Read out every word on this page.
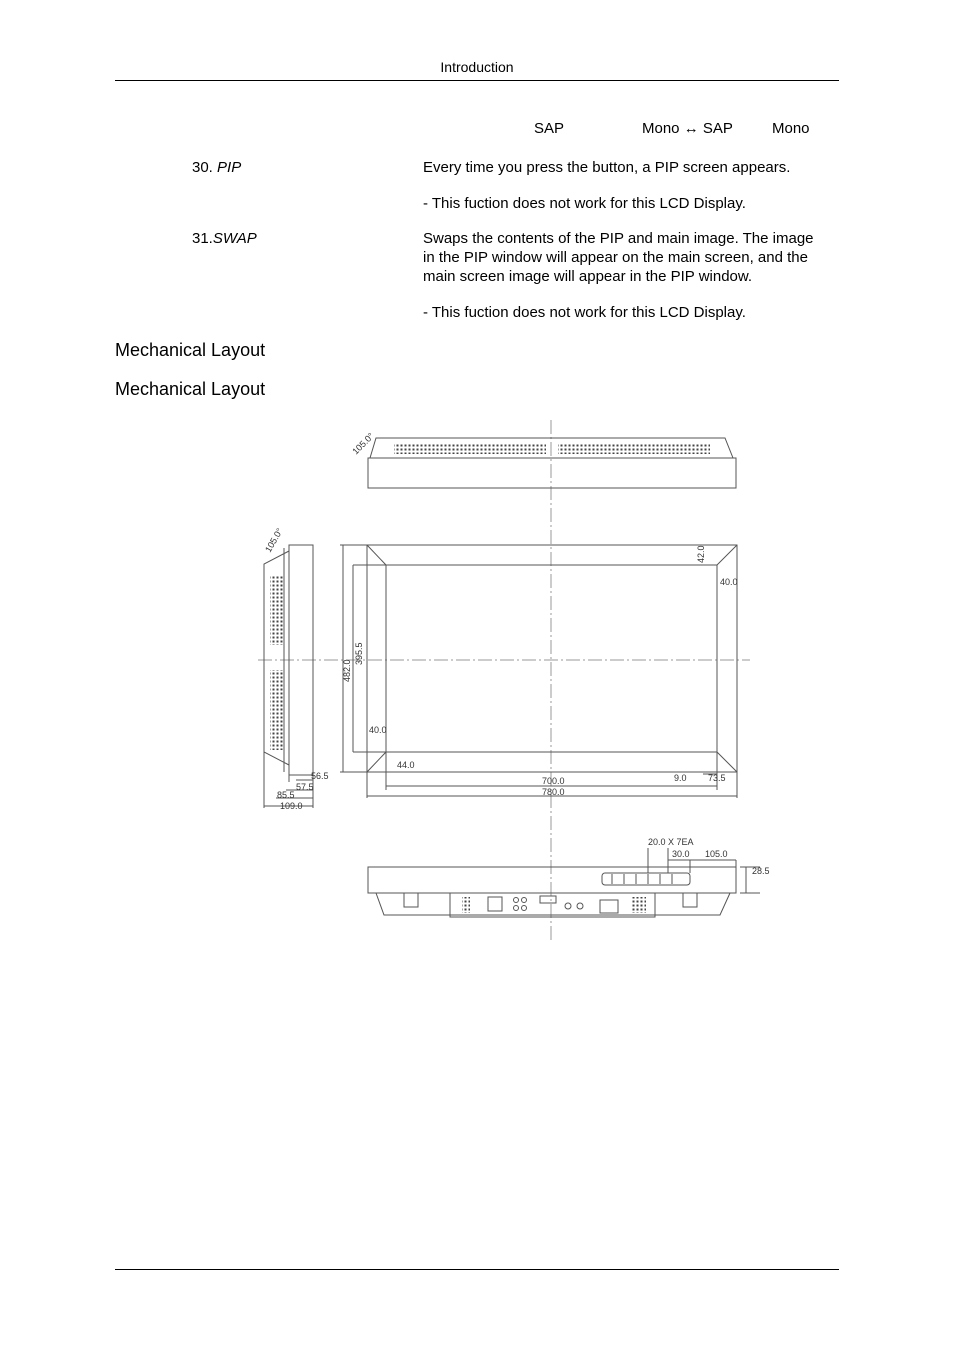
Introduction
SAP	Mono ↔ SAP	Mono
30. PIP	Every time you press the button, a PIP screen appears.
- This fuction does not work for this LCD Display.
31.SWAP	Swaps the contents of the PIP and main image. The image
in the PIP window will appear on the main screen, and the
main screen image will appear in the PIP window.
- This fuction does not work for this LCD Display.
Mechanical Layout
Mechanical Layout
105.0°
105.0°
42.0
40.0
395.5
482.0
40.0
44.0
700.0
780.0
9.0 73.5
56.5
57.5
85.5
109.0
20.0 X 7EA
30.0 105.0
28.5
